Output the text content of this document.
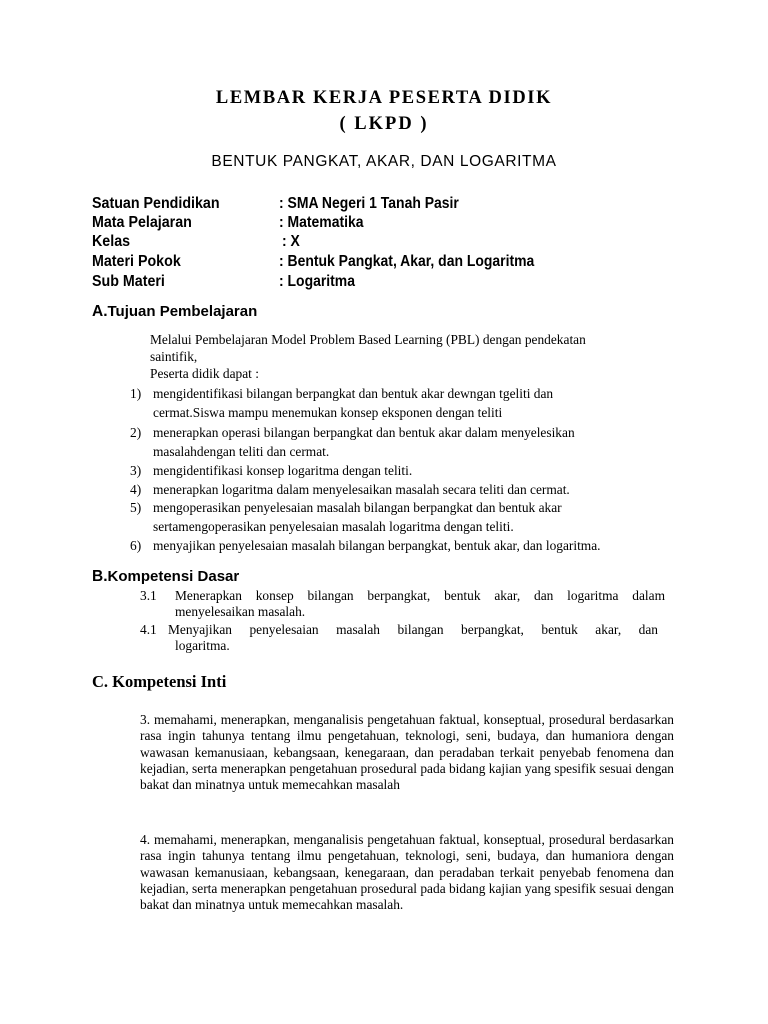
LEMBAR KERJA PESERTA DIDIK
( LKPD )
BENTUK PANGKAT, AKAR, DAN LOGARITMA
Satuan Pendidikan	: SMA Negeri 1 Tanah Pasir
Mata Pelajaran	: Matematika
Kelas	: X
Materi Pokok	: Bentuk Pangkat, Akar, dan Logaritma
Sub Materi	: Logaritma
A.Tujuan Pembelajaran
Melalui Pembelajaran Model Problem Based Learning (PBL) dengan pendekatan
saintifik,
Peserta didik dapat :
1) mengidentifikasi bilangan berpangkat dan bentuk akar dewngan tgeliti dan
cermat.Siswa mampu menemukan konsep eksponen dengan teliti
2) menerapkan operasi bilangan berpangkat dan bentuk akar dalam menyelesikan
masalahdengan teliti dan cermat.
3) mengidentifikasi konsep logaritma dengan teliti.
4) menerapkan logaritma dalam menyelesaikan masalah secara teliti dan cermat.
5) mengoperasikan penyelesaian masalah bilangan berpangkat dan bentuk akar
sertamengoperasikan penyelesaian masalah logaritma dengan teliti.
6) menyajikan penyelesaian masalah bilangan berpangkat, bentuk akar, dan logaritma.
B.Kompetensi Dasar
3.1 Menerapkan konsep bilangan berpangkat, bentuk akar, dan logaritma dalam
menyelesaikan masalah.
4.1 Menyajikan penyelesaian masalah bilangan berpangkat, bentuk akar, dan
logaritma.
C. Kompetensi Inti
3. memahami, menerapkan, menganalisis pengetahuan faktual, konseptual, prosedural berdasarkan rasa ingin tahunya tentang ilmu pengetahuan, teknologi, seni, budaya, dan humaniora dengan wawasan kemanusiaan, kebangsaan, kenegaraan, dan peradaban terkait penyebab fenomena dan kejadian, serta menerapkan pengetahuan prosedural pada bidang kajian yang spesifik sesuai dengan bakat dan minatnya untuk memecahkan masalah
4. memahami, menerapkan, menganalisis pengetahuan faktual, konseptual, prosedural berdasarkan rasa ingin tahunya tentang ilmu pengetahuan, teknologi, seni, budaya, dan humaniora dengan wawasan kemanusiaan, kebangsaan, kenegaraan, dan peradaban terkait penyebab fenomena dan kejadian, serta menerapkan pengetahuan prosedural pada bidang kajian yang spesifik sesuai dengan bakat dan minatnya untuk memecahkan masalah.
